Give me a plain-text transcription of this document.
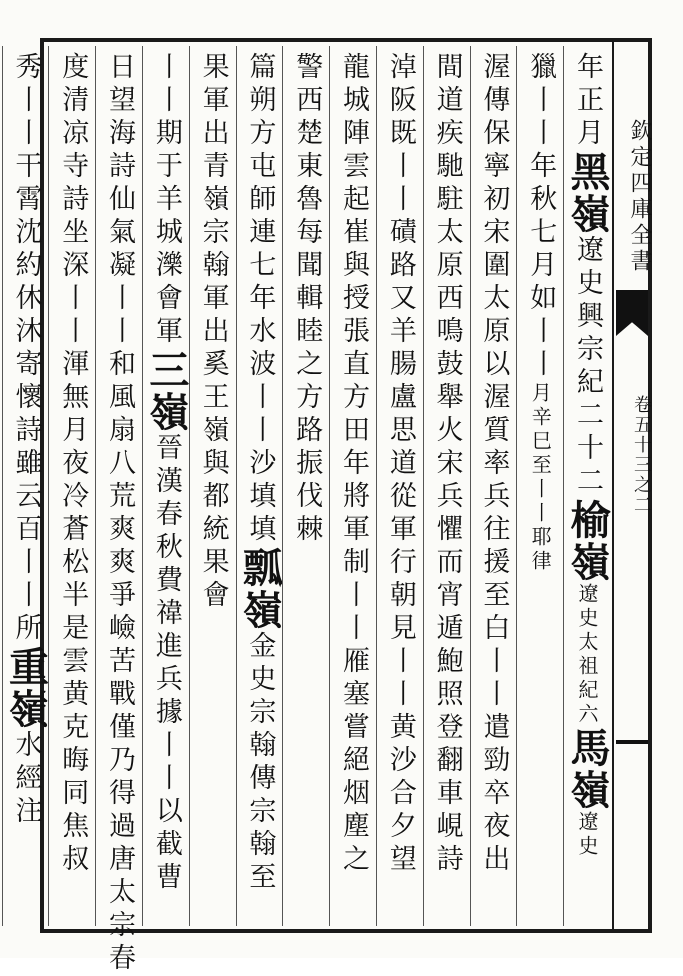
欽定四庫全書
卷五十三之二
年正月黑嶺遼史興宗紀二十二榆嶺遼史太祖紀六馬嶺遼史
獵丨丨年秋七月如丨丨月辛巳至丨丨耶律
渥傳保寧初宋圍太原以渥質率兵往援至白丨丨遣勁卒夜出
間道疾馳駐太原西鳴鼓舉火宋兵懼而宵遁鮑照登翻車峴詩
淖阪既丨丨磧路又羊腸盧思道從軍行朝見丨丨黄沙合夕望
龍城陣雲起崔與授張直方田年將軍制丨丨雁塞嘗絕烟塵之
警西楚東魯每聞輯睦之方路振伐棘
篇朔方屯師連七年水波丨丨沙填填瓢嶺金史宗翰傳宗翰至
果軍出青嶺宗翰軍出奚王嶺與都統果會
丨丨期于羊城濼會軍三嶺晉漢春秋費禕進兵據丨丨以截曹
日望海詩仙氣凝丨丨和風扇八荒爽爽爭嶮苦戰僅乃得過唐太宗春
度清凉寺詩坐深丨丨渾無月夜冷蒼松半是雲黄克晦同焦叔
秀丨丨干霄沈約休沐寄懷詩雖云百丨丨所重嶺水經注
